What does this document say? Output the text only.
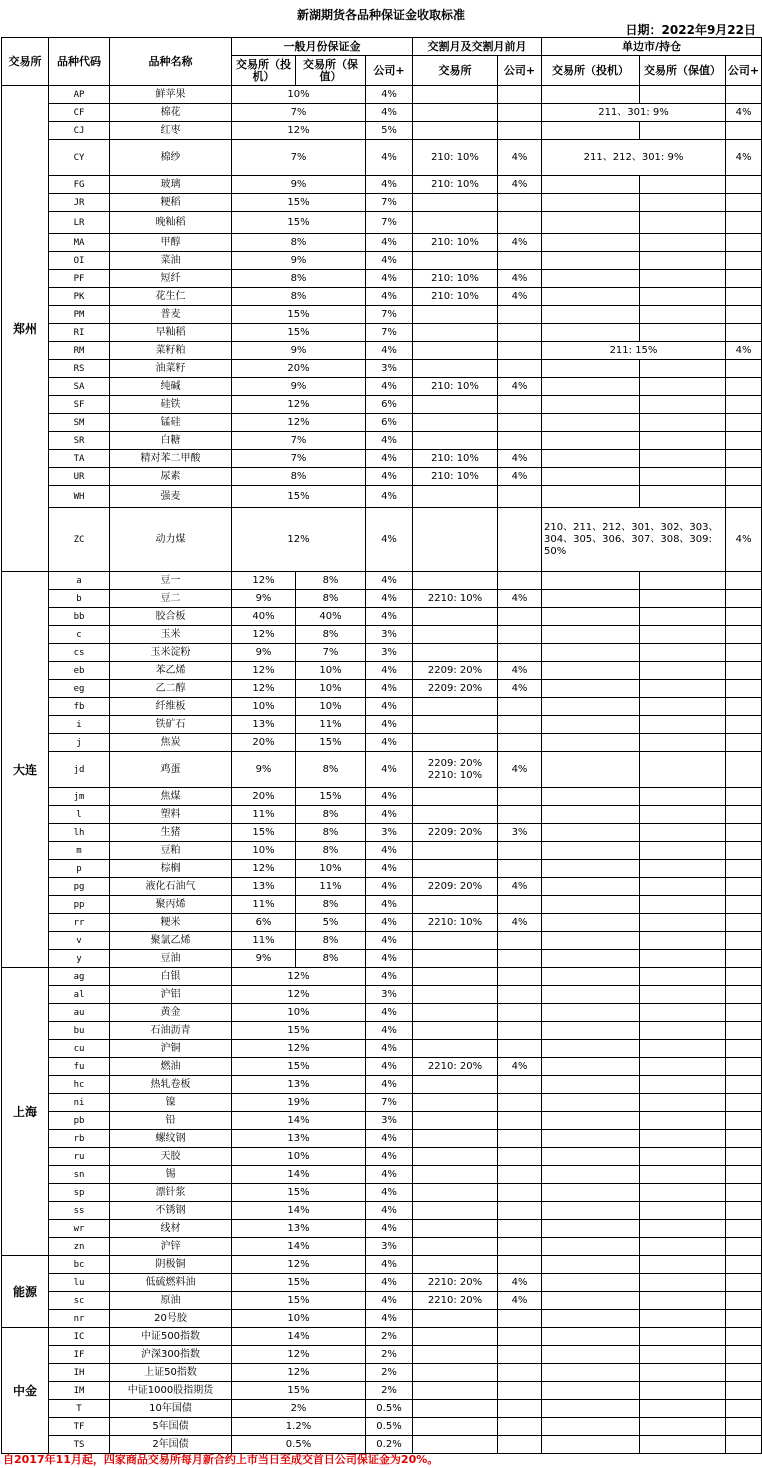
新湖期货各品种保证金收取标准
日期：2022年9月22日
交易所	品种代码	品种名称	一般月份保证金			交割月及交割月前月		单边市/持仓		
			交易所（投机）	交易所（保值）	公司+	交易所	公司+	交易所（投机）	交易所（保值）	公司+

郑州	AP	鲜苹果	10%		4%					
	CF	棉花	7%		4%			211、301: 9%		4%
	CJ	红枣	12%		5%					
	CY	棉纱	7%		4%	210: 10%	4%	211、212、301: 9%		4%
	FG	玻璃	9%		4%	210: 10%	4%			
	JR	粳稻	15%		7%					
	LR	晚籼稻	15%		7%					
	MA	甲醇	8%		4%	210: 10%	4%			
	OI	菜油	9%		4%					
	PF	短纤	8%		4%	210: 10%	4%			
	PK	花生仁	8%		4%	210: 10%	4%			
	PM	普麦	15%		7%					
	RI	早籼稻	15%		7%					
	RM	菜籽粕	9%		4%			211: 15%		4%
	RS	油菜籽	20%		3%					
	SA	纯碱	9%		4%	210: 10%	4%			
	SF	硅铁	12%		6%					
	SM	锰硅	12%		6%					
	SR	白糖	7%		4%					
	TA	精对苯二甲酸	7%		4%	210: 10%	4%			
	UR	尿素	8%		4%	210: 10%	4%			
	WH	强麦	15%		4%					
	ZC	动力煤	12%		4%			210、211、212、301、302、303、304、305、306、307、308、309: 50%		4%
大连	a	豆一	12%	8%	4%					
	b	豆二	9%	8%	4%	2210: 10%	4%			
	bb	胶合板	40%	40%	4%					
	c	玉米	12%	8%	3%					
	cs	玉米淀粉	9%	7%	3%					
	eb	苯乙烯	12%	10%	4%	2209: 20%	4%			
	eg	乙二醇	12%	10%	4%	2209: 20%	4%			
	fb	纤维板	10%	10%	4%					
	i	铁矿石	13%	11%	4%					
	j	焦炭	20%	15%	4%					
	jd	鸡蛋	9%	8%	4%	2209: 20%
2210: 10%	4%			
	jm	焦煤	20%	15%	4%					
	l	塑料	11%	8%	4%					
	lh	生猪	15%	8%	3%	2209: 20%	3%			
	m	豆粕	10%	8%	4%					
	p	棕榈	12%	10%	4%					
	pg	液化石油气	13%	11%	4%	2209: 20%	4%			
	pp	聚丙烯	11%	8%	4%					
	rr	粳米	6%	5%	4%	2210: 10%	4%			
	v	聚氯乙烯	11%	8%	4%					
	y	豆油	9%	8%	4%					
上海	ag	白银	12%		4%					
	al	沪铝	12%		3%					
	au	黄金	10%		4%					
	bu	石油沥青	15%		4%					
	cu	沪铜	12%		4%					
	fu	燃油	15%		4%	2210: 20%	4%			
	hc	热轧卷板	13%		4%					
	ni	镍	19%		7%					
	pb	铅	14%		3%					
	rb	螺纹钢	13%		4%					
	ru	天胶	10%		4%					
	sn	锡	14%		4%					
	sp	漂针浆	15%		4%					
	ss	不锈钢	14%		4%					
	wr	线材	13%		4%					
	zn	沪锌	14%		3%					
能源	bc	阴极铜	12%		4%					
	lu	低硫燃料油	15%		4%	2210: 20%	4%			
	sc	原油	15%		4%	2210: 20%	4%			
	nr	20号胶	10%		4%					
中金	IC	中证500指数	14%		2%					
	IF	沪深300指数	12%		2%					
	IH	上证50指数	12%		2%					
	IM	中证1000股指期货	15%		2%					
	T	10年国债	2%		0.5%					
	TF	5年国债	1.2%		0.5%					
	TS	2年国债	0.5%		0.2%					
自2017年11月起，四家商品交易所每月新合约上市当日至成交首日公司保证金为20%。
